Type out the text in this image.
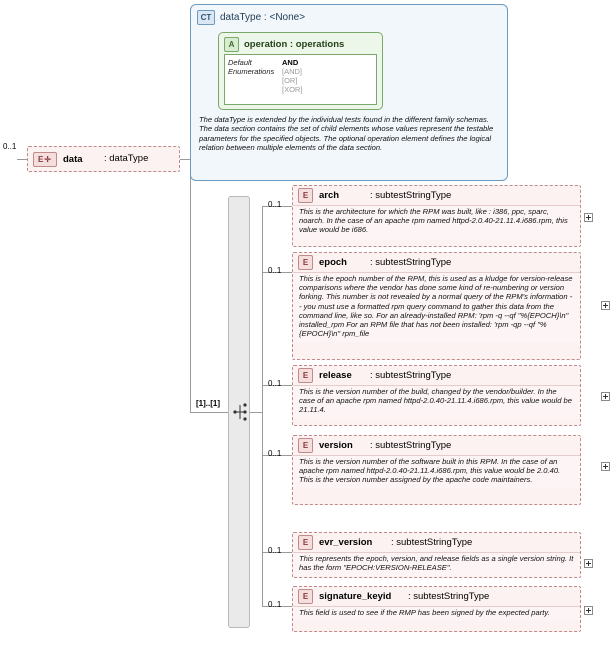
CT dataType : <None>
A	operation : operations
Default
Enumerations
AND
[AND]
[OR]
[XOR]
The dataType is extended by the individual tests found in the different family schemas. The data section contains the set of child elements whose values represent the testable parameters for the specified objects. The optional operation element defines the logical relation between multiple elements of the data section.
0..1
E✛	data : dataType
[1]..[1]
0..1
E	arch	: subtestStringType
This is the architecture for which the RPM was built, like : i386, ppc, sparc, noarch. In the case of an apache rpm named httpd-2.0.40-21.11.4.i686.rpm, this value would be i686.
0..1
E	epoch : subtestStringType
This is the epoch number of the RPM, this is used as a kludge for version-release comparisons where the vendor has done some kind of re-numbering or version forking. This number is not revealed by a normal query of the RPM's information -- you must use a formatted rpm query command to gather this data from the command line, like so. For an already-installed RPM: 'rpm -q --qf "%{EPOCH}\n" installed_rpm For an RPM file that has not been installed: 'rpm -qp --qf "%{EPOCH}\n" rpm_file
0..1
E	release : subtestStringType
This is the version number of the build, changed by the vendor/builder. In the case of an apache rpm named httpd-2.0.40-21.11.4.i686.rpm, this value would be 21.11.4.
0..1
E	version : subtestStringType
This is the version number of the software built in this RPM. In the case of an apache rpm named httpd-2.0.40-21.11.4.i686.rpm, this value would be 2.0.40. This is the version number assigned by the apache code maintainers.
0..1
E	evr_version : subtestStringType
This represents the epoch, version, and release fields as a single version string. It has the form "EPOCH:VERSION-RELEASE".
0..1
E	signature_keyid : subtestStringType
This field is used to see if the RMP has been signed by the expected party.
